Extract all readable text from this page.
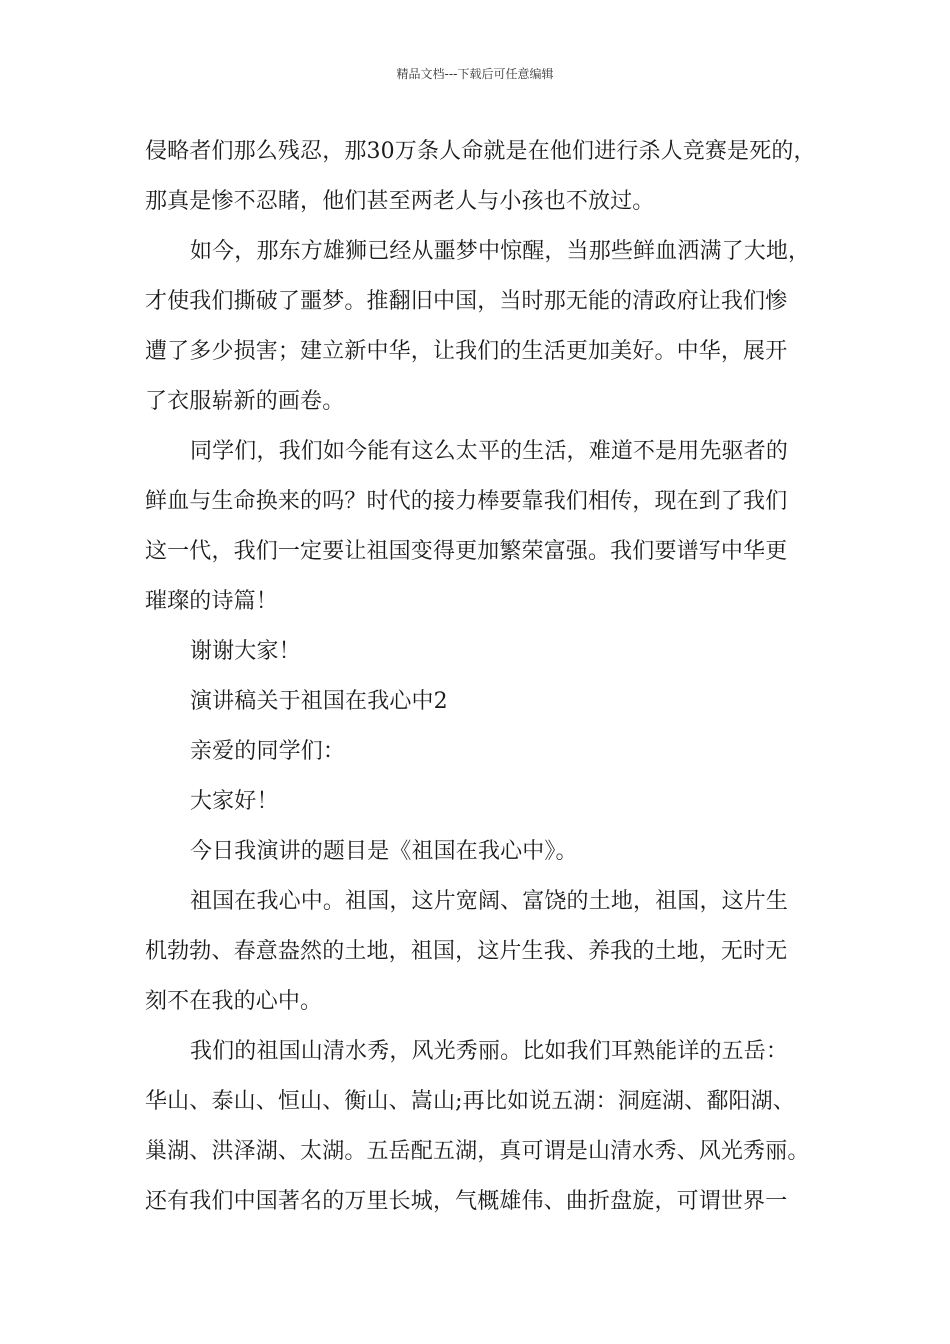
精品文档---下载后可任意编辑
侵略者们那么残忍，那30万条人命就是在他们进行杀人竞赛是死的，
那真是惨不忍睹，他们甚至两老人与小孩也不放过。
如今，那东方雄狮已经从噩梦中惊醒，当那些鲜血洒满了大地，
才使我们撕破了噩梦。推翻旧中国，当时那无能的清政府让我们惨
遭了多少损害；建立新中华，让我们的生活更加美好。中华，展开
了衣服崭新的画卷。
同学们，我们如今能有这么太平的生活，难道不是用先驱者的
鲜血与生命换来的吗？时代的接力棒要靠我们相传，现在到了我们
这一代，我们一定要让祖国变得更加繁荣富强。我们要谱写中华更
璀璨的诗篇！
谢谢大家！
演讲稿关于祖国在我心中2
亲爱的同学们：
大家好！
今日我演讲的题目是《祖国在我心中》。
祖国在我心中。祖国，这片宽阔、富饶的土地，祖国，这片生
机勃勃、春意盎然的土地，祖国，这片生我、养我的土地，无时无
刻不在我的心中。
我们的祖国山清水秀，风光秀丽。比如我们耳熟能详的五岳：
华山、泰山、恒山、衡山、嵩山;再比如说五湖：洞庭湖、鄱阳湖、
巢湖、洪泽湖、太湖。五岳配五湖，真可谓是山清水秀、风光秀丽。
还有我们中国著名的万里长城，气概雄伟、曲折盘旋，可谓世界一
